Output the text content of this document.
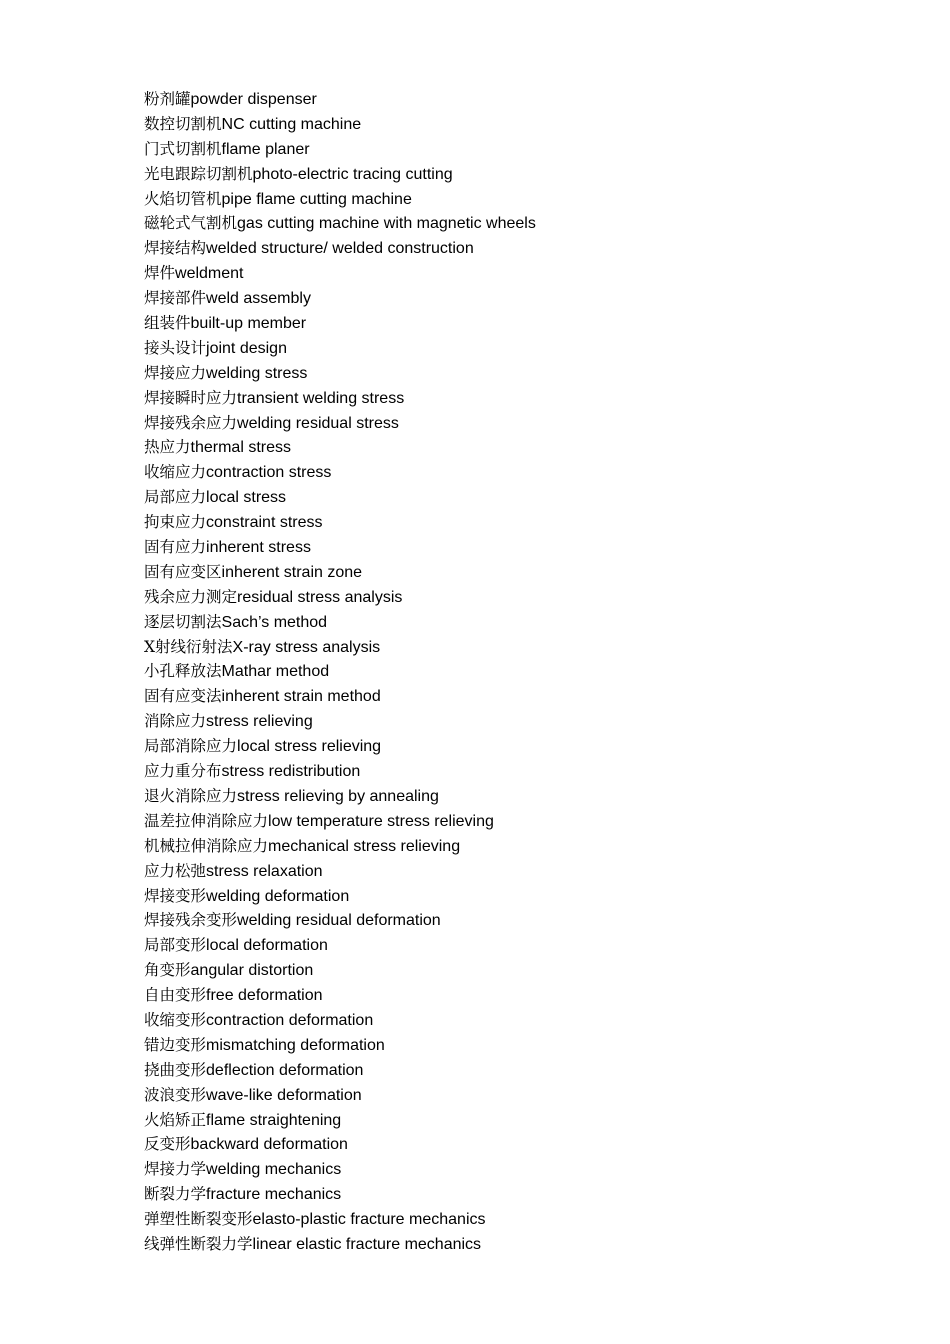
粉剂罐powder dispenser
数控切割机NC cutting machine
门式切割机flame planer
光电跟踪切割机photo-electric tracing cutting
火焰切管机pipe flame cutting machine
磁轮式气割机gas cutting machine with magnetic wheels
焊接结构welded structure/ welded construction
焊件weldment
焊接部件weld assembly
组装件built-up member
接头设计joint design
焊接应力welding stress
焊接瞬时应力transient welding stress
焊接残余应力welding residual stress
热应力thermal stress
收缩应力contraction stress
局部应力local stress
拘束应力constraint stress
固有应力inherent stress
固有应变区inherent strain zone
残余应力测定residual stress analysis
逐层切割法Sach’s method
X射线衍射法X-ray stress analysis
小孔释放法Mathar method
固有应变法inherent strain method
消除应力stress relieving
局部消除应力local stress relieving
应力重分布stress redistribution
退火消除应力stress relieving by annealing
温差拉伸消除应力low temperature stress relieving
机械拉伸消除应力mechanical stress relieving
应力松弛stress relaxation
焊接变形welding deformation
焊接残余变形welding residual deformation
局部变形local deformation
角变形angular distortion
自由变形free deformation
收缩变形contraction deformation
错边变形mismatching deformation
挠曲变形deflection deformation
波浪变形wave-like deformation
火焰矫正flame straightening
反变形backward deformation
焊接力学welding mechanics
断裂力学fracture mechanics
弹塑性断裂变形elasto-plastic fracture mechanics
线弹性断裂力学linear elastic fracture mechanics
